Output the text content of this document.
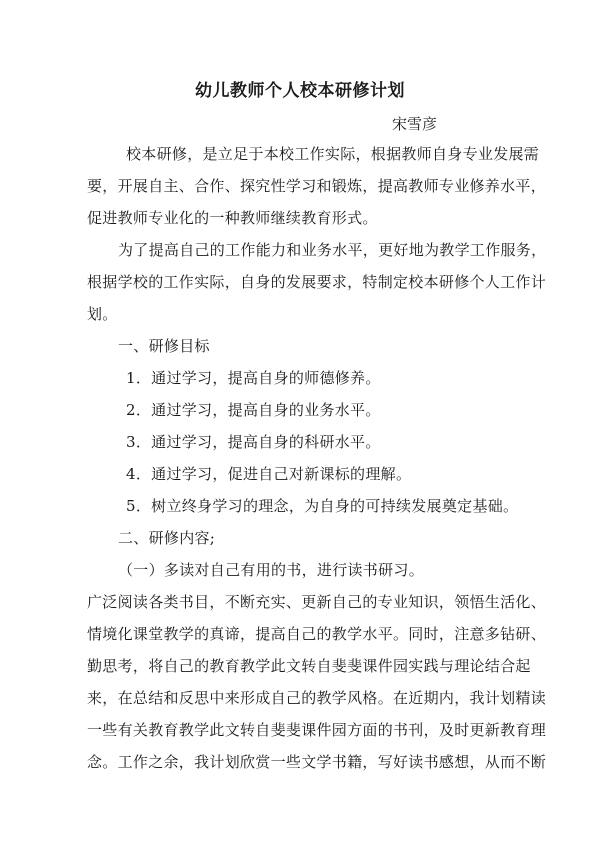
幼儿教师个人校本研修计划
宋雪彦
校本研修，是立足于本校工作实际，根据教师自身专业发展需
要，开展自主、合作、探究性学习和锻炼，提高教师专业修养水平，
促进教师专业化的一种教师继续教育形式。
为了提高自己的工作能力和业务水平，更好地为教学工作服务，
根据学校的工作实际，自身的发展要求，特制定校本研修个人工作计
划。
一、研修目标
1．通过学习，提高自身的师德修养。
2．通过学习，提高自身的业务水平。
3．通过学习，提高自身的科研水平。
4．通过学习，促进自己对新课标的理解。
5．树立终身学习的理念，为自身的可持续发展奠定基础。
二、研修内容;
（一）多读对自己有用的书，进行读书研习。
广泛阅读各类书目，不断充实、更新自己的专业知识，领悟生活化、
情境化课堂教学的真谛，提高自己的教学水平。同时，注意多钻研、
勤思考，将自己的教育教学此文转自斐斐课件园实践与理论结合起
来，在总结和反思中来形成自己的教学风格。在近期内，我计划精读
一些有关教育教学此文转自斐斐课件园方面的书刊，及时更新教育理
念。工作之余，我计划欣赏一些文学书籍，写好读书感想，从而不断
